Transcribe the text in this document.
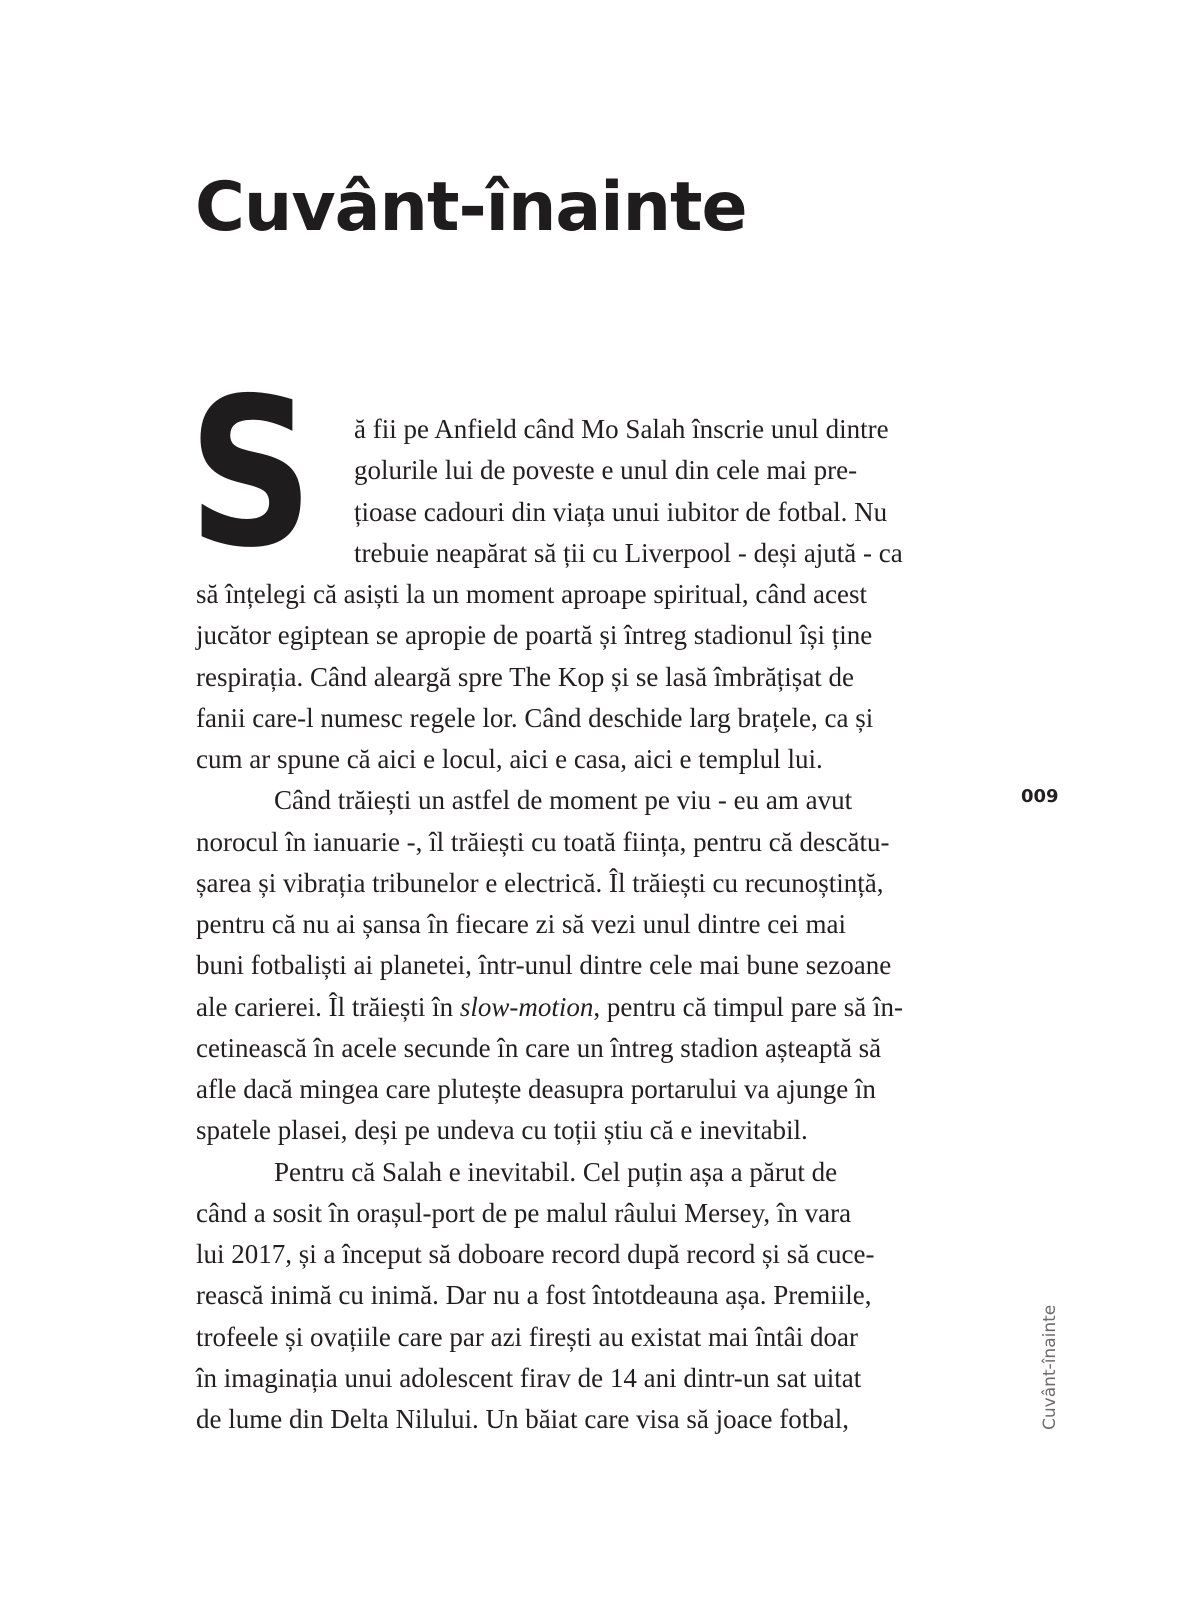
Cuvânt-înainte
S ă fii pe Anfield când Mo Salah înscrie unul dintre
golurile lui de poveste e unul din cele mai pre-
țioase cadouri din viața unui iubitor de fotbal. Nu
trebuie neapărat să ții cu Liverpool - deși ajută - ca
să înțelegi că asiști la un moment aproape spiritual, când acest
jucător egiptean se apropie de poartă și întreg stadionul își ține
respirația. Când aleargă spre The Kop și se lasă îmbrățișat de
fanii care-l numesc regele lor. Când deschide larg brațele, ca și
cum ar spune că aici e locul, aici e casa, aici e templul lui.
Când trăiești un astfel de moment pe viu - eu am avut
norocul în ianuarie -, îl trăiești cu toată ființa, pentru că descătu-
șarea și vibrația tribunelor e electrică. Îl trăiești cu recunoștință,
pentru că nu ai șansa în fiecare zi să vezi unul dintre cei mai
buni fotbaliști ai planetei, într-unul dintre cele mai bune sezoane
ale carierei. Îl trăiești în slow-motion, pentru că timpul pare să în-
cetinească în acele secunde în care un întreg stadion așteaptă să
afle dacă mingea care plutește deasupra portarului va ajunge în
spatele plasei, deși pe undeva cu toții știu că e inevitabil.
Pentru că Salah e inevitabil. Cel puțin așa a părut de
când a sosit în orașul-port de pe malul râului Mersey, în vara
lui 2017, și a început să doboare record după record și să cuce-
rească inimă cu inimă. Dar nu a fost întotdeauna așa. Premiile,
trofeele și ovațiile care par azi firești au existat mai întâi doar
în imaginația unui adolescent firav de 14 ani dintr-un sat uitat
de lume din Delta Nilului. Un băiat care visa să joace fotbal,
009
Cuvânt-înainte
